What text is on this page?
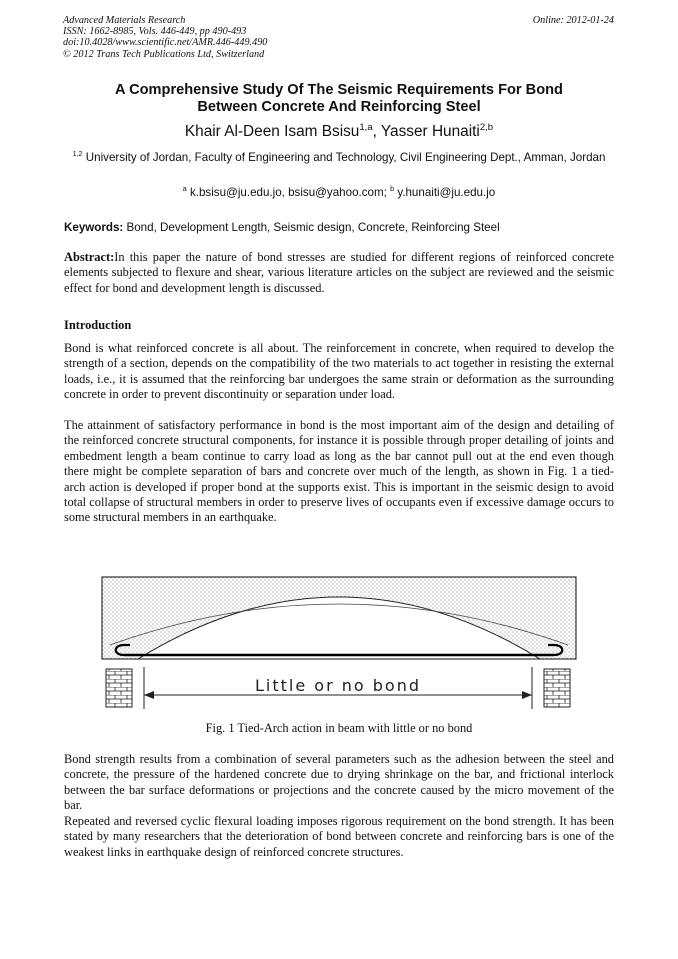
Advanced Materials Research
ISSN: 1662-8985, Vols. 446-449, pp 490-493
doi:10.4028/www.scientific.net/AMR.446-449.490
© 2012 Trans Tech Publications Ltd, Switzerland
Online: 2012-01-24
A Comprehensive Study Of The Seismic Requirements For Bond
Between Concrete And Reinforcing Steel
Khair Al-Deen Isam Bsisu$^{1,a}$, Yasser Hunaiti$^{2,b}$
$^{1,2}$ University of Jordan, Faculty of Engineering and Technology, Civil Engineering Dept., Amman, Jordan
$^a$ k.bsisu@ju.edu.jo, bsisu@yahoo.com; $^b$ y.hunaiti@ju.edu.jo
Keywords: Bond, Development Length, Seismic design, Concrete, Reinforcing Steel
Abstract:In this paper the nature of bond stresses are studied for different regions of reinforced concrete elements subjected to flexure and shear, various literature articles on the subject are reviewed and the seismic effect for bond and development length is discussed.
Introduction
Bond is what reinforced concrete is all about. The reinforcement in concrete, when required to develop the strength of a section, depends on the compatibility of the two materials to act together in resisting the external loads, i.e., it is assumed that the reinforcing bar undergoes the same strain or deformation as the surrounding concrete in order to prevent discontinuity or separation under load.
The attainment of satisfactory performance in bond is the most important aim of the design and detailing of the reinforced concrete structural components, for instance it is possible through proper detailing of joints and embedment length a beam continue to carry load as long as the bar cannot pull out at the end even though there might be complete separation of bars and concrete over much of the length, as shown in Fig. 1 a tied-arch action is developed if proper bond at the supports exist. This is important in the seismic design to avoid total collapse of structural members in order to preserve lives of occupants even if excessive damage occurs to some structural members in an earthquake.
Little or no bond
Fig. 1 Tied-Arch action in beam with little or no bond
Bond strength results from a combination of several parameters such as the adhesion between the steel and concrete, the pressure of the hardened concrete due to drying shrinkage on the bar, and frictional interlock between the bar surface deformations or projections and the concrete caused by the micro movement of the bar.
Repeated and reversed cyclic flexural loading imposes rigorous requirement on the bond strength. It has been stated by many researchers that the deterioration of bond between concrete and reinforcing bars is one of the weakest links in earthquake design of reinforced concrete structures.
